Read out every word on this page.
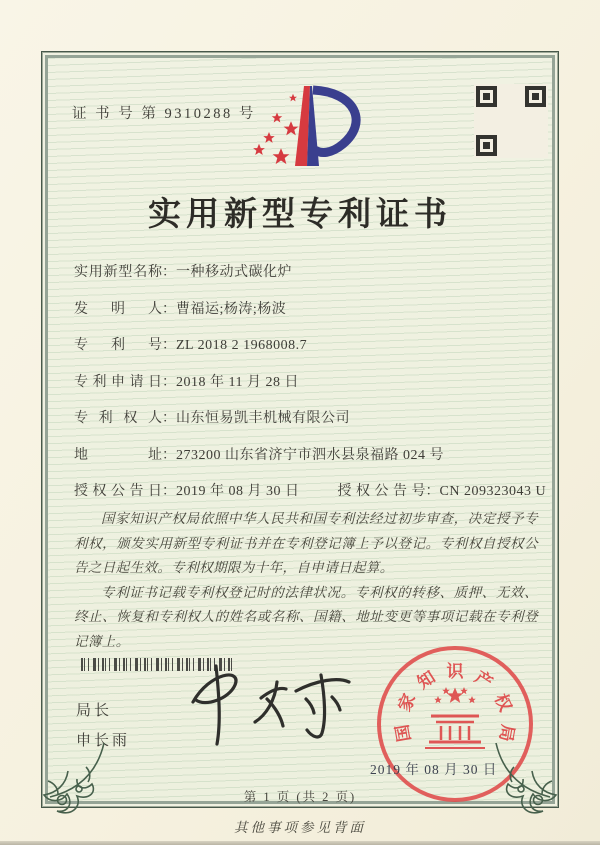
证 书 号 第 9310288 号
实用新型专利证书
实用新型名称：一种移动式碳化炉
发明人：曹福运;杨涛;杨波
专利号：ZL 2018 2 1968008.7
专利申请日：2018 年 11 月 28 日
专利权人：山东恒易凯丰机械有限公司
地址：273200 山东省济宁市泗水县泉福路 024 号
授权公告日：2019 年 08 月 30 日	授权公告号：CN 209323043 U

国家知识产权局依照中华人民共和国专利法经过初步审查，决定授予专利权，颁发实用新型专利证书并在专利登记簿上予以登记。专利权自授权公告之日起生效。专利权期限为十年，自申请日起算。

专利证书记载专利权登记时的法律状况。专利权的转移、质押、无效、终止、恢复和专利权人的姓名或名称、国籍、地址变更等事项记载在专利登记簿上。

局长
申长雨	国
家
知 识 产
权
局
2019 年 08 月 30 日
第 1 页 (共 2 页)
其他事项参见背面
